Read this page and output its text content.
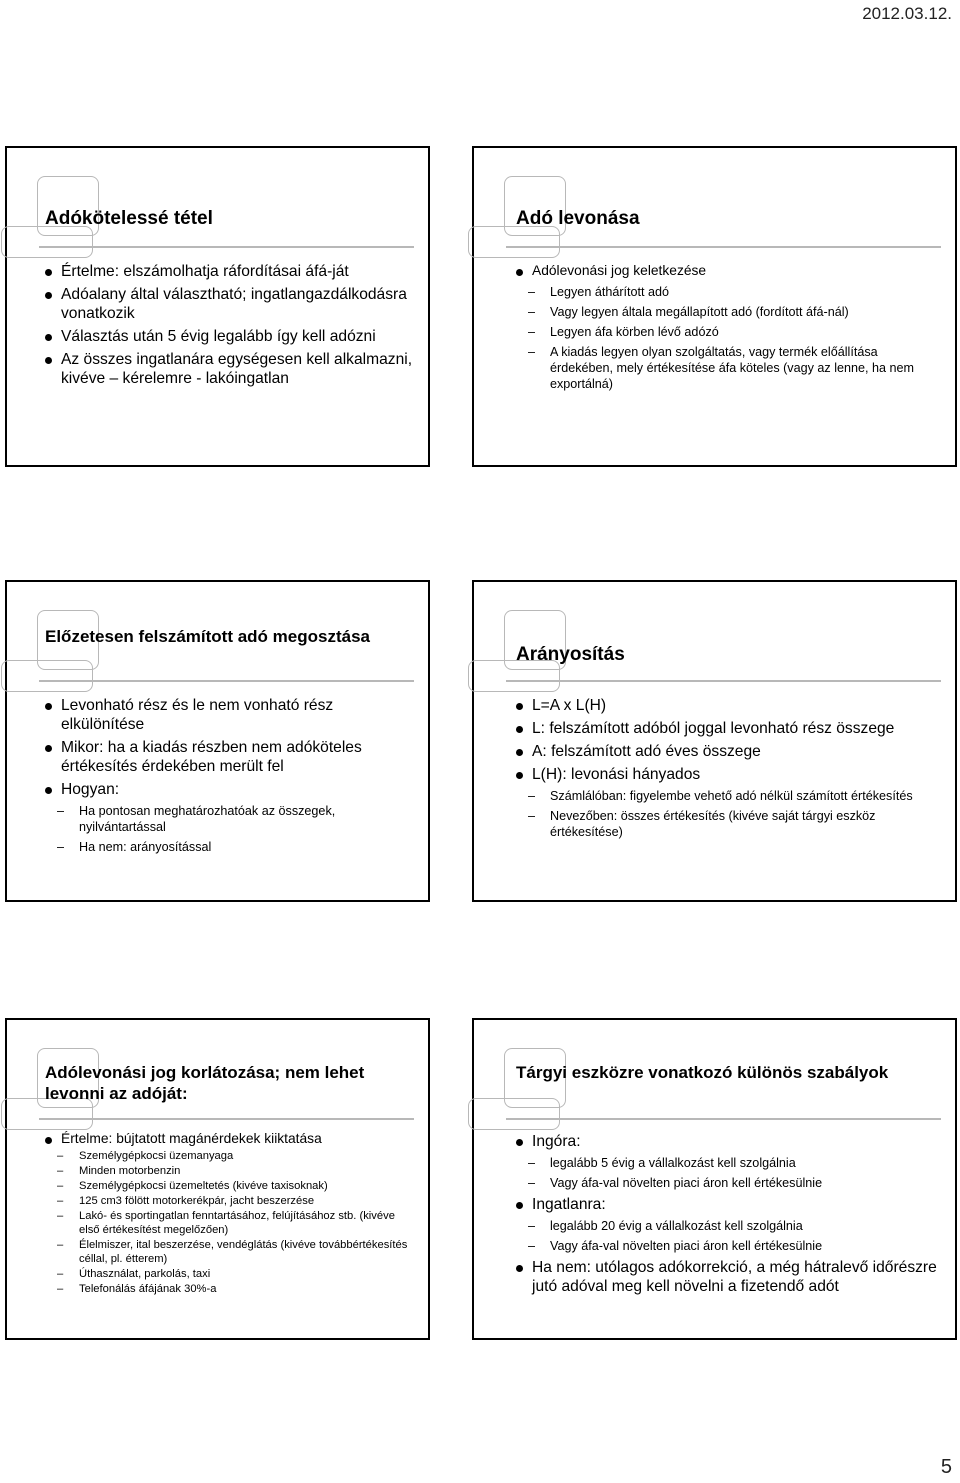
2012.03.12.
Adókötelessé tétel
Értelme: elszámolhatja ráfordításai áfá-ját
Adóalany által választható; ingatlangazdálkodásra vonatkozik
Választás után 5 évig legalább így kell adózni
Az összes ingatlanára egységesen kell alkalmazni, kivéve – kérelemre - lakóingatlan
Adó levonása
Adólevonási jog keletkezése
– Legyen áthárított adó
– Vagy legyen általa megállapított adó (fordított áfá-nál)
– Legyen áfa körben lévő adózó
– A kiadás legyen olyan szolgáltatás, vagy termék előállítása érdekében, mely értékesítése áfa köteles (vagy az lenne, ha nem exportálná)
Előzetesen felszámított adó megosztása
Levonható rész és le nem vonható rész elkülönítése
Mikor: ha a kiadás részben nem adóköteles értékesítés érdekében merült fel
Hogyan:
– Ha pontosan meghatározhatóak az összegek, nyilvántartással
– Ha nem: arányosítással
Arányosítás
L=A x L(H)
L: felszámított adóból joggal levonható rész összege
A: felszámított adó éves összege
L(H): levonási hányados
– Számlálóban: figyelembe vehető adó nélkül számított értékesítés
– Nevezőben: összes értékesítés (kivéve saját tárgyi eszköz értékesítése)
Adólevonási jog korlátozása; nem lehet levonni az adóját:
Értelme: bújtatott magánérdekek kiiktatása
– Személygépkocsi üzemanyaga
– Minden motorbenzin
– Személygépkocsi üzemeltetés (kivéve taxisoknak)
– 125 cm3 fölött motorkerékpár, jacht beszerzése
– Lakó- és sportingatlan fenntartásához, felújításához stb. (kivéve első értékesítést megelőzően)
– Élelmiszer, ital beszerzése, vendéglátás (kivéve továbbértékesítés céllal, pl. étterem)
– Úthasználat, parkolás, taxi
– Telefonálás áfájának 30%-a
Tárgyi eszközre vonatkozó különös szabályok
Ingóra:
– legalább 5 évig a vállalkozást kell szolgálnia
– Vagy áfa-val növelten piaci áron kell értékesülnie
Ingatlanra:
– legalább 20 évig a vállalkozást kell szolgálnia
– Vagy áfa-val növelten piaci áron kell értékesülnie
Ha nem: utólagos adókorrekció, a még hátralevő időrészre jutó adóval meg kell növelni a fizetendő adót
5
